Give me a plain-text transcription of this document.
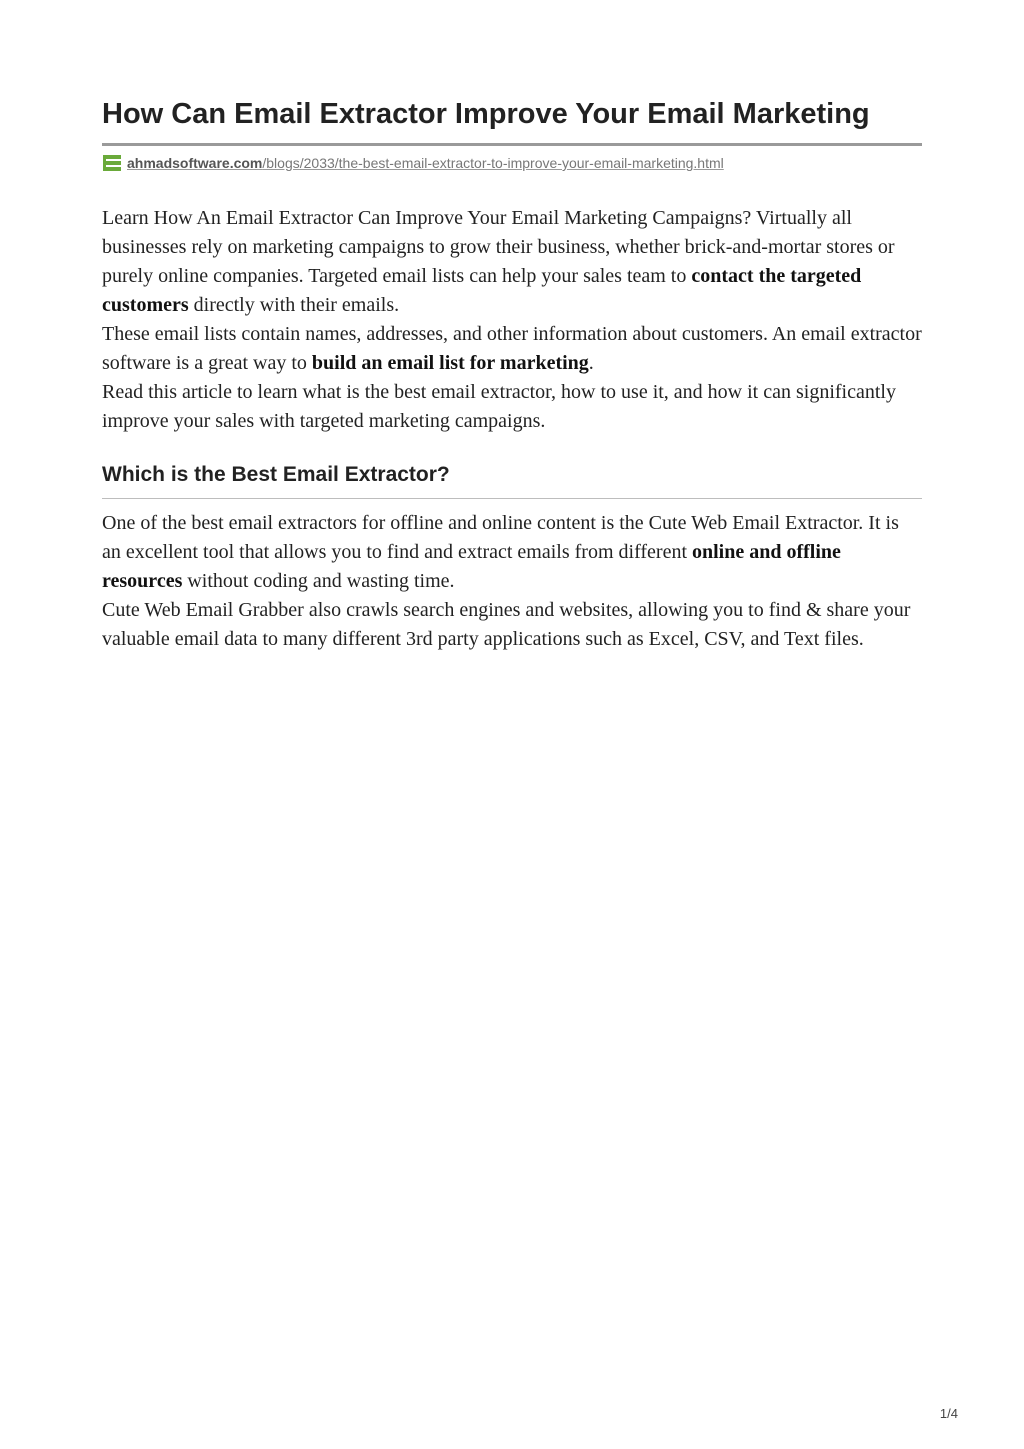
How Can Email Extractor Improve Your Email Marketing
ahmadsoftware.com/blogs/2033/the-best-email-extractor-to-improve-your-email-marketing.html

Learn How An Email Extractor Can Improve Your Email Marketing Campaigns? Virtually all businesses rely on marketing campaigns to grow their business, whether brick-and-mortar stores or purely online companies. Targeted email lists can help your sales team to contact the targeted customers directly with their emails.

These email lists contain names, addresses, and other information about customers. An email extractor software is a great way to build an email list for marketing.

Read this article to learn what is the best email extractor, how to use it, and how it can significantly improve your sales with targeted marketing campaigns.

Which is the Best Email Extractor?

One of the best email extractors for offline and online content is the Cute Web Email Extractor. It is an excellent tool that allows you to find and extract emails from different online and offline resources without coding and wasting time.

Cute Web Email Grabber also crawls search engines and websites, allowing you to find & share your valuable email data to many different 3rd party applications such as Excel, CSV, and Text files.

1/4
